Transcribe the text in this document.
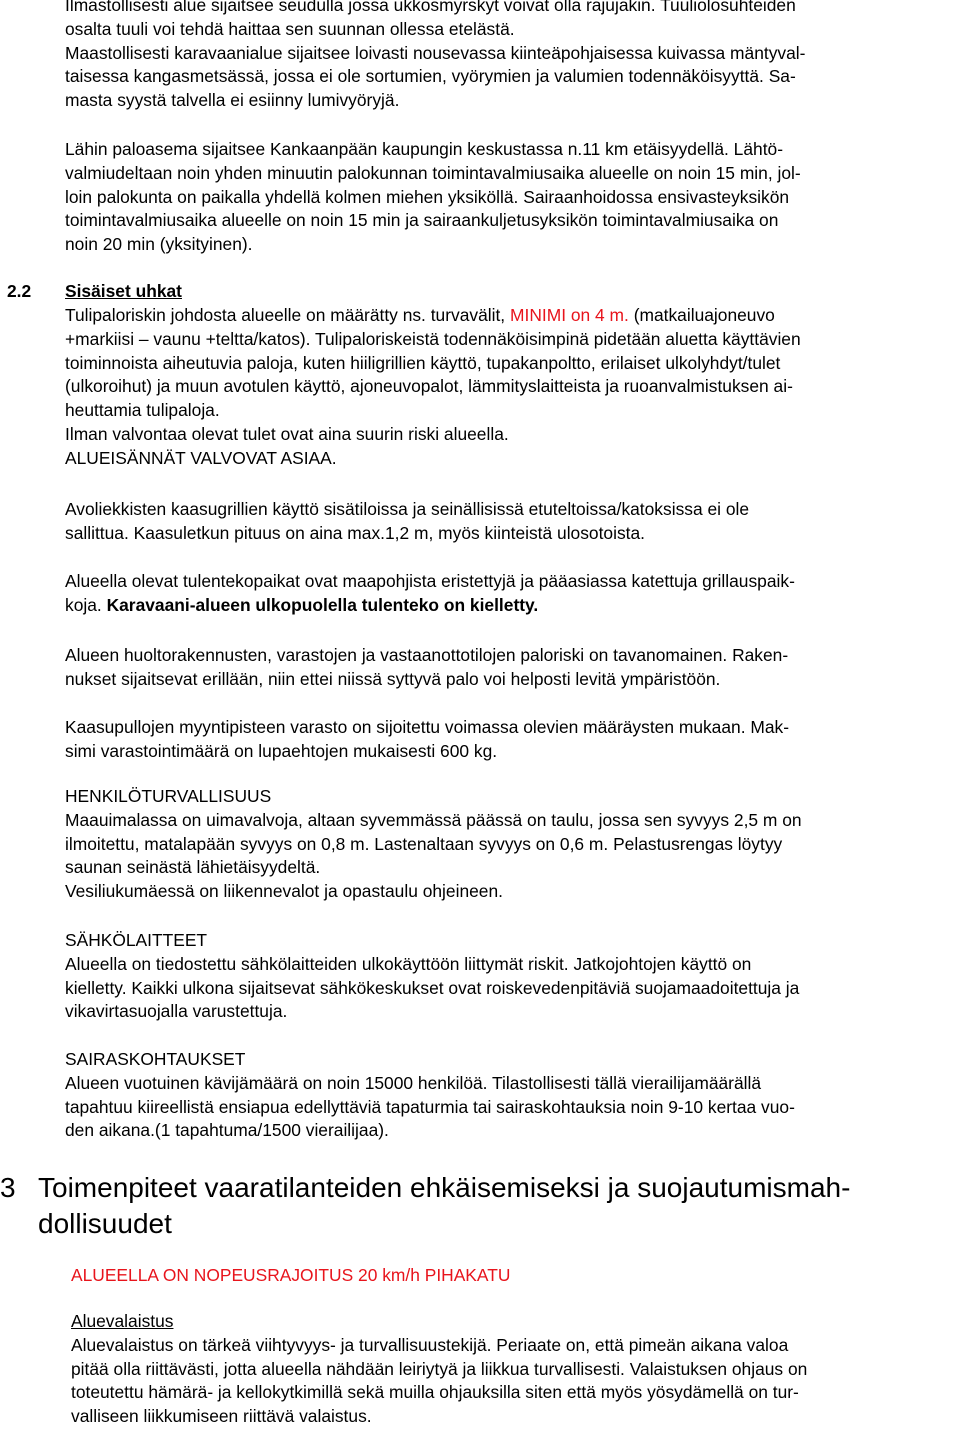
Ilmastollisesti alue sijaitsee seudulla jossa ukkosmyrskyt voivat olla rajujakin. Tuuliolosuhteiden

osalta tuuli voi tehdä haittaa sen suunnan ollessa etelästä.

Maastollisesti karavaanialue sijaitsee loivasti nousevassa kiinteäpohjaisessa kuivassa mäntyval-

taisessa kangasmetsässä, jossa ei ole sortumien, vyörymien ja valumien todennäköisyyttä. Sa-

masta syystä talvella ei esiinny lumivyöryjä.

Lähin paloasema sijaitsee Kankaanpään kaupungin keskustassa n.11 km etäisyydellä. Lähtö-

valmiudeltaan noin yhden minuutin palokunnan toimintavalmiusaika alueelle on noin 15 min, jol-

loin palokunta on paikalla yhdellä kolmen miehen yksiköllä. Sairaanhoidossa ensivasteyksikön

toimintavalmiusaika alueelle on noin 15 min ja sairaankuljetusyksikön toimintavalmiusaika on

noin 20 min (yksityinen).

2.2 Sisäiset uhkat

Tulipaloriskin johdosta alueelle on määrätty ns. turvavälit, MINIMI on 4 m. (matkailuajoneuvo

+markiisi – vaunu +teltta/katos). Tulipaloriskeistä todennäköisimpinä pidetään aluetta käyttävien

toiminnoista aiheutuvia paloja, kuten hiiligrillien käyttö, tupakanpoltto, erilaiset ulkolyhdyt/tulet

(ulkoroihut) ja muun avotulen käyttö, ajoneuvopalot, lämmityslaitteista ja ruoanvalmistuksen ai-

heuttamia tulipaloja.

Ilman valvontaa olevat tulet ovat aina suurin riski alueella.

ALUEISÄNNÄT VALVOVAT ASIAA.

Avoliekkisten kaasugrillien käyttö sisätiloissa ja seinällisissä etuteltoissa/katoksissa ei ole

sallittua. Kaasuletkun pituus on aina max.1,2 m, myös kiinteistä ulosotoista.

Alueella olevat tulentekopaikat ovat maapohjista eristettyjä ja pääasiassa katettuja grillauspaik-

koja. Karavaani-alueen ulkopuolella tulenteko on kielletty.

Alueen huoltorakennusten, varastojen ja vastaanottotilojen paloriski on tavanomainen. Raken-

nukset sijaitsevat erillään, niin ettei niissä syttyvä palo voi helposti levitä ympäristöön.

Kaasupullojen myyntipisteen varasto on sijoitettu voimassa olevien määräysten mukaan. Mak-

simi varastointimäärä on lupaehtojen mukaisesti 600 kg.

HENKILÖTURVALLISUUS

Maauimalassa on uimavalvoja, altaan syvemmässä päässä on taulu, jossa sen syvyys 2,5 m on

ilmoitettu, matalapään syvyys on 0,8 m. Lastenaltaan syvyys on 0,6 m. Pelastusrengas löytyy

saunan seinästä lähietäisyydeltä.

Vesiliukumäessä on liikennevalot ja opastaulu ohjeineen.

SÄHKÖLAITTEET

Alueella on tiedostettu sähkölaitteiden ulkokäyttöön liittymät riskit. Jatkojohtojen käyttö on

kielletty. Kaikki ulkona sijaitsevat sähkökeskukset ovat roiskevedenpitäviä suojamaadoitettuja ja

vikavirtasuojalla varustettuja.

SAIRASKOHTAUKSET

Alueen vuotuinen kävijämäärä on noin 15000 henkilöä. Tilastollisesti tällä vierailijamäärällä

tapahtuu kiireellistä ensiapua edellyttäviä tapaturmia tai sairaskohtauksia noin 9-10 kertaa vuo-

den aikana.(1 tapahtuma/1500 vierailijaa).

3 Toimenpiteet vaaratilanteiden ehkäisemiseksi ja suojautumismah-

dollisuudet

ALUEELLA ON NOPEUSRAJOITUS 20 km/h PIHAKATU

Aluevalaistus

Aluevalaistus on tärkeä viihtyvyys- ja turvallisuustekijä. Periaate on, että pimeän aikana valoa

pitää olla riittävästi, jotta alueella nähdään leiriytyä ja liikkua turvallisesti. Valaistuksen ohjaus on

toteutettu hämärä- ja kellokytkimillä sekä muilla ohjauksilla siten että myös yösydämellä on tur-

valliseen liikkumiseen riittävä valaistus.
